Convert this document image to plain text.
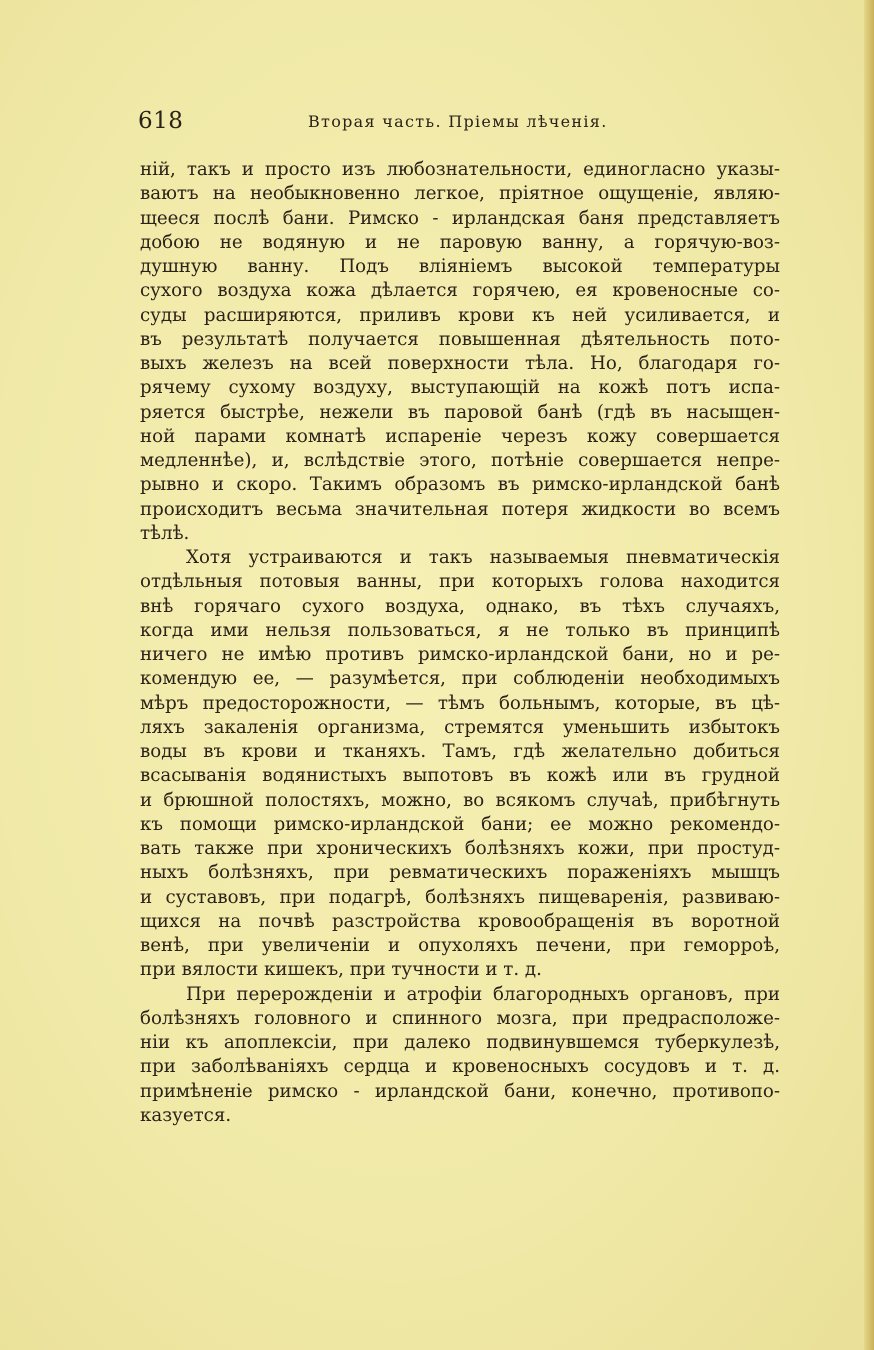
618	Вторая часть. Пріемы лѣченія.
ній, такъ и просто изъ любознательности, единогласно указы-
ваютъ на необыкновенно легкое, пріятное ощущеніе, являю-
щееся послѣ бани. Римско - ирландская баня представляетъ
добою не водяную и не паровую ванну, а горячую-воз-
душную ванну. Подъ вліяніемъ высокой температуры
сухого воздуха кожа дѣлается горячею, ея кровеносные со-
суды расширяются, приливъ крови къ ней усиливается, и
въ результатѣ получается повышенная дѣятельность пото-
выхъ железъ на всей поверхности тѣла. Но, благодаря го-
рячему сухому воздуху, выступающій на кожѣ потъ испа-
ряется быстрѣе, нежели въ паровой банѣ (гдѣ въ насыщен-
ной парами комнатѣ испареніе черезъ кожу совершается
медленнѣе), и, вслѣдствіе этого, потѣніе совершается непре-
рывно и скоро. Такимъ образомъ въ римско-ирландской банѣ
происходитъ весьма значительная потеря жидкости во всемъ
тѣлѣ.
Хотя устраиваются и такъ называемыя пневматическія
отдѣльныя потовыя ванны, при которыхъ голова находится
внѣ горячаго сухого воздуха, однако, въ тѣхъ случаяхъ,
когда ими нельзя пользоваться, я не только въ принципѣ
ничего не имѣю противъ римско-ирландской бани, но и ре-
комендую ее, — разумѣется, при соблюденіи необходимыхъ
мѣръ предосторожности, — тѣмъ больнымъ, которые, въ цѣ-
ляхъ закаленія организма, стремятся уменьшить избытокъ
воды въ крови и тканяхъ. Тамъ, гдѣ желательно добиться
всасыванія водянистыхъ выпотовъ въ кожѣ или въ грудной
и брюшной полостяхъ, можно, во всякомъ случаѣ, прибѣгнуть
къ помощи римско-ирландской бани; ее можно рекомендо-
вать также при хроническихъ болѣзняхъ кожи, при простуд-
ныхъ болѣзняхъ, при ревматическихъ пораженіяхъ мышцъ
и суставовъ, при подагрѣ, болѣзняхъ пищеваренія, развиваю-
щихся на почвѣ разстройства кровообращенія въ воротной
венѣ, при увеличеніи и опухоляхъ печени, при геморроѣ,
при вялости кишекъ, при тучности и т. д.
При перерожденіи и атрофіи благородныхъ органовъ, при
болѣзняхъ головного и спинного мозга, при предрасположе-
ніи къ апоплексіи, при далеко подвинувшемся туберкулезѣ,
при заболѣваніяхъ сердца и кровеносныхъ сосудовъ и т. д.
примѣненіе римско - ирландской бани, конечно, противопо-
казуется.
